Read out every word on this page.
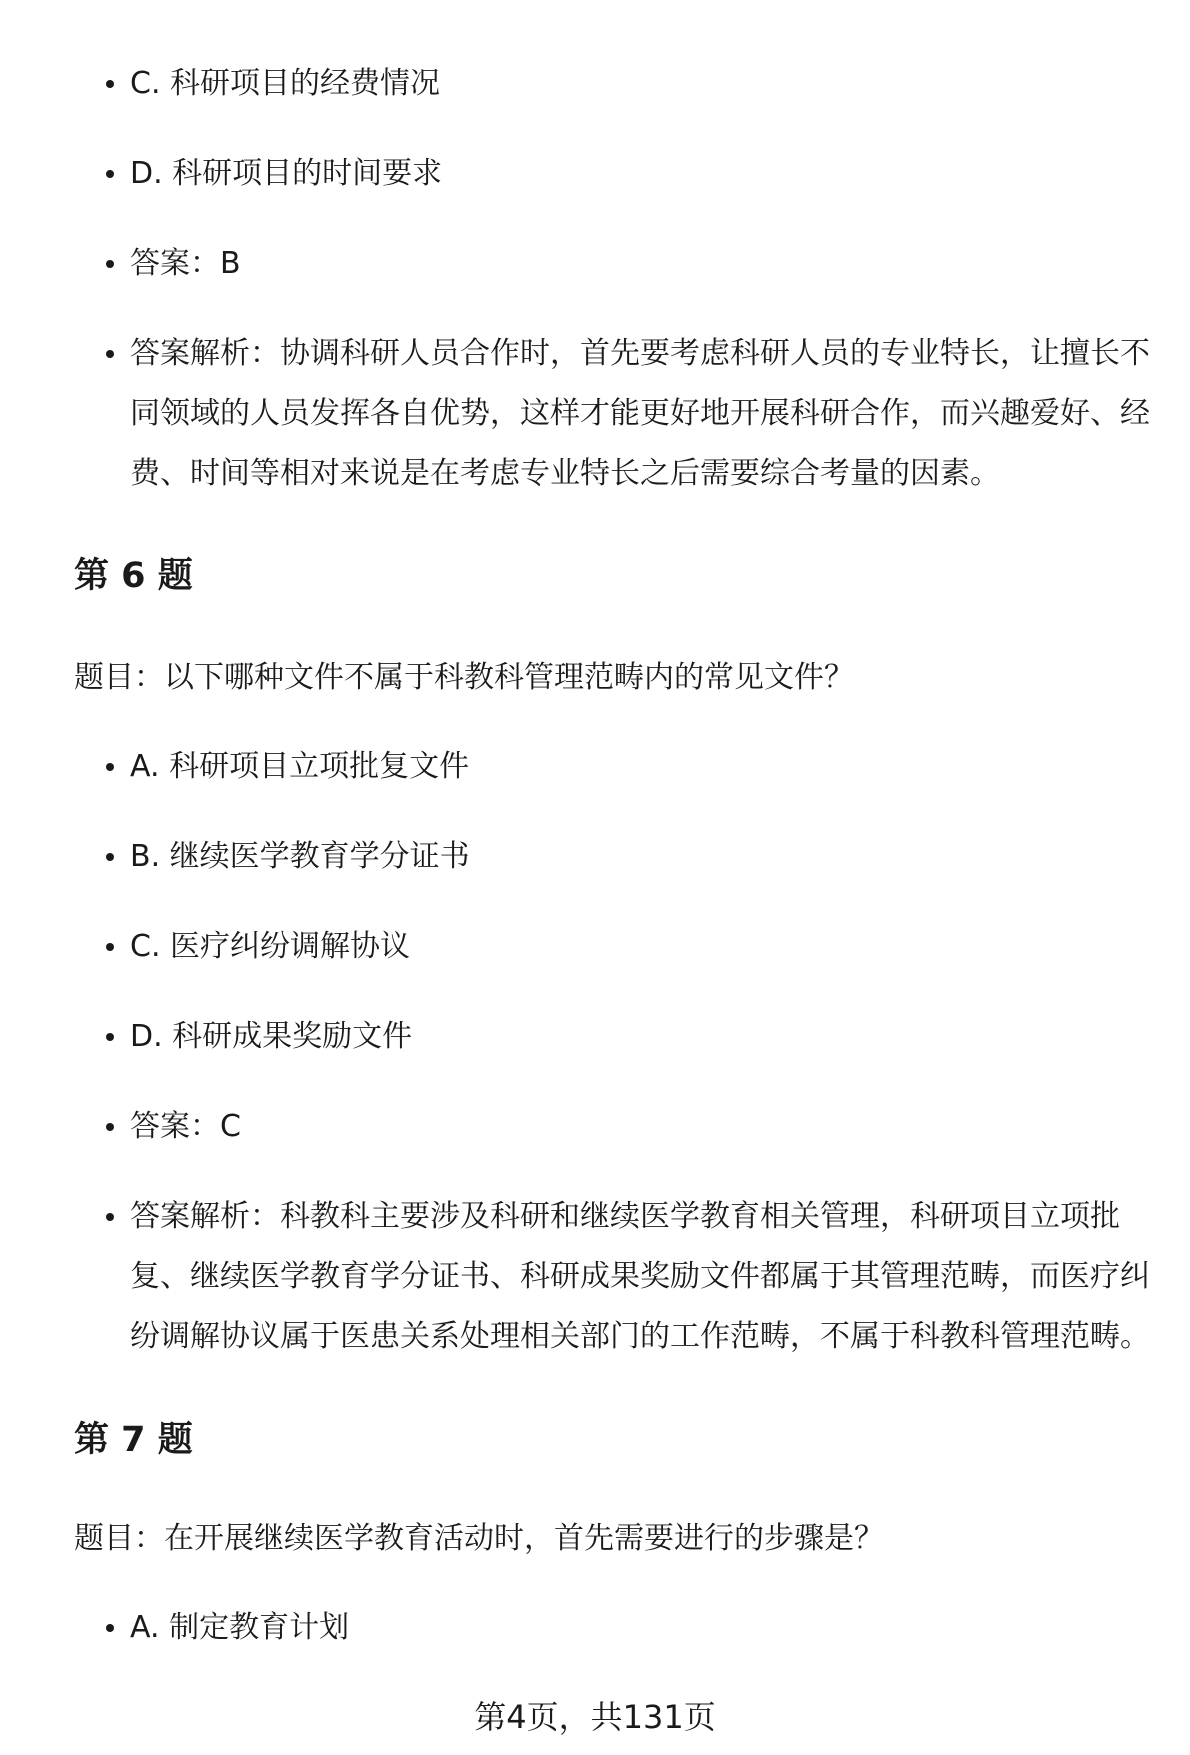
C. 科研项目的经费情况

D. 科研项目的时间要求

答案：B

答案解析：协调科研人员合作时，首先要考虑科研人员的专业特长，让擅长不同领域的人员发挥各自优势，这样才能更好地开展科研合作，而兴趣爱好、经费、时间等相对来说是在考虑专业特长之后需要综合考量的因素。

第 6 题

题目：以下哪种文件不属于科教科管理范畴内的常见文件？

A. 科研项目立项批复文件

B. 继续医学教育学分证书

C. 医疗纠纷调解协议

D. 科研成果奖励文件

答案：C

答案解析：科教科主要涉及科研和继续医学教育相关管理，科研项目立项批复、继续医学教育学分证书、科研成果奖励文件都属于其管理范畴，而医疗纠纷调解协议属于医患关系处理相关部门的工作范畴，不属于科教科管理范畴。

第 7 题

题目：在开展继续医学教育活动时，首先需要进行的步骤是？

A. 制定教育计划

第4页，共131页
